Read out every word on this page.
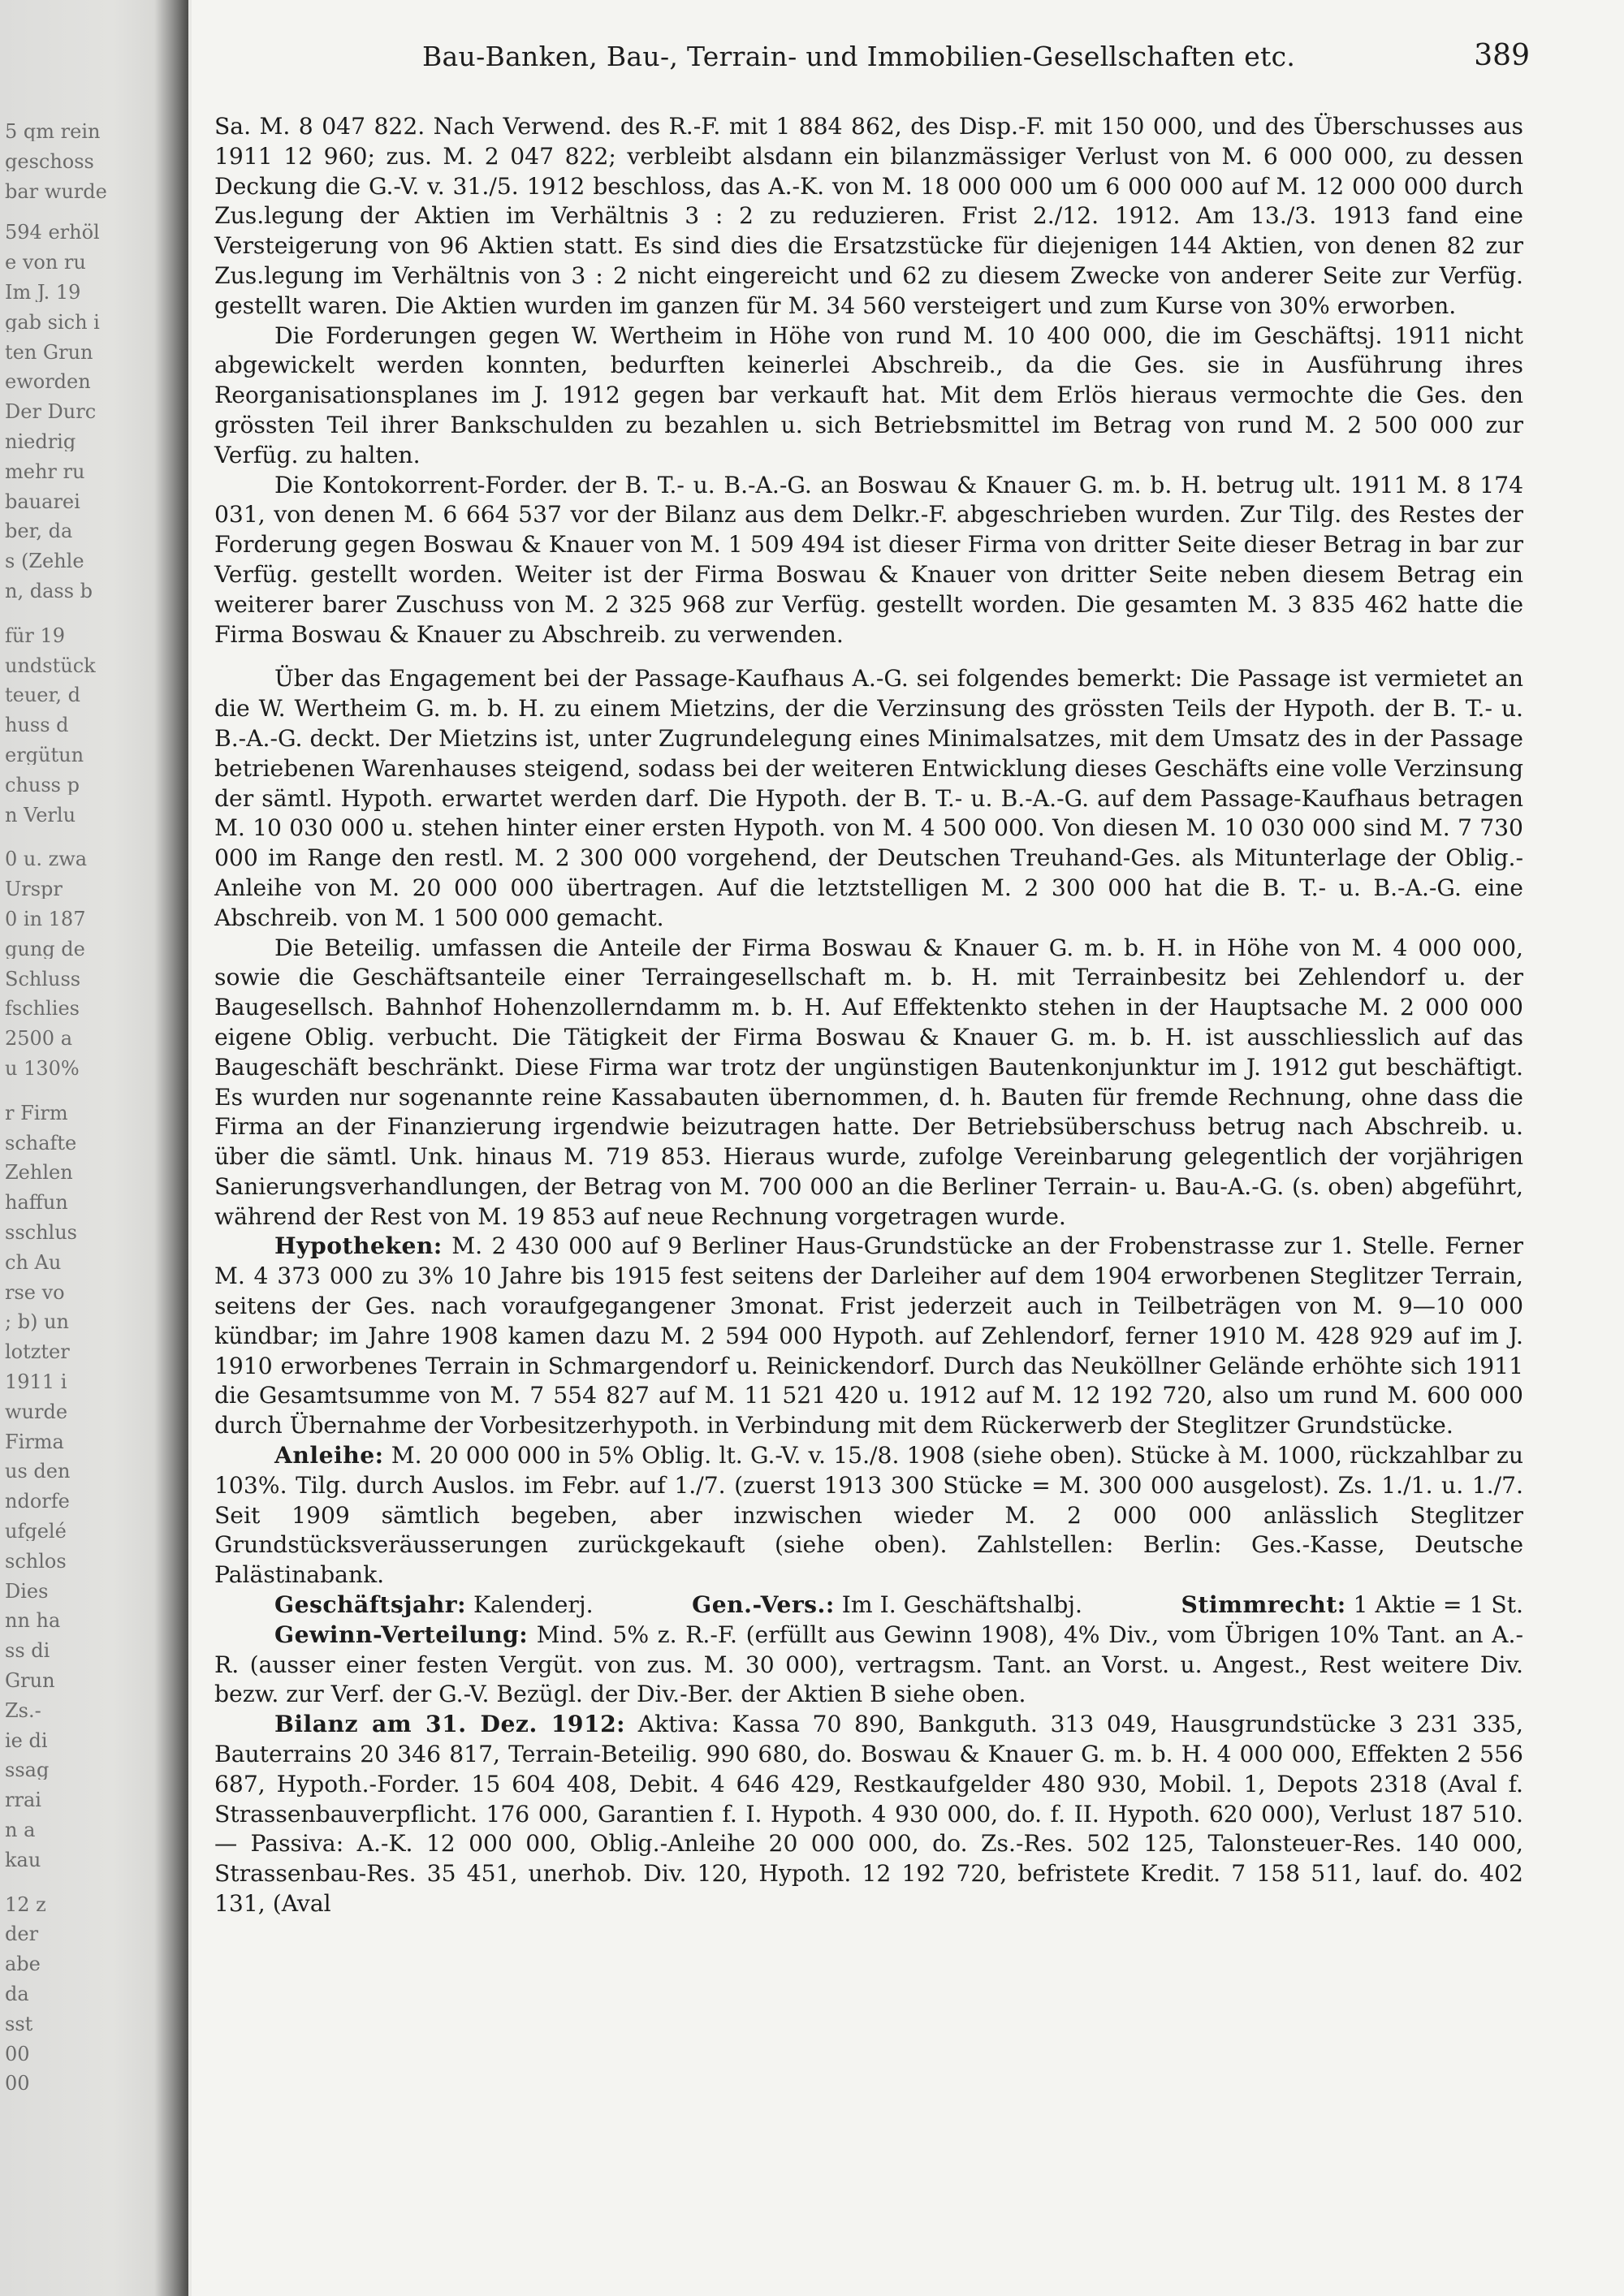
5 qm rein
geschoss
bar wurde
594 erhöl
e von ru
Im J. 19
gab sich i
ten Grun
eworden
Der Durc
niedrig
mehr ru
bauarei
ber, da
s (Zehle
n, dass b
für 19
undstück
teuer, d
huss d
ergütun
chuss p
n Verlu
0 u. zwa
Urspr
0 in 187
gung de
Schluss
fschlies
2500 a
u 130%
r Firm
schafte
Zehlen
haffun
sschlus
ch Au
rse vo
; b) un
lotzter
1911 i
wurde
Firma
us den
ndorfe
ufgelé
schlos
Dies
nn ha
ss di
Grun
Zs.-
ie di
ssag
rrai
n a
kau
12 z
der
abe
da
sst
00
00
Bau-Banken, Bau-, Terrain- und Immobilien-Gesellschaften etc.	389

Sa. M. 8 047 822. Nach Verwend. des R.-F. mit 1 884 862, des Disp.-F. mit 150 000, und des Überschusses aus 1911 12 960; zus. M. 2 047 822; verbleibt alsdann ein bilanzmässiger Verlust von M. 6 000 000, zu dessen Deckung die G.-V. v. 31./5. 1912 beschloss, das A.-K. von M. 18 000 000 um 6 000 000 auf M. 12 000 000 durch Zus.legung der Aktien im Verhältnis 3 : 2 zu reduzieren. Frist 2./12. 1912. Am 13./3. 1913 fand eine Versteigerung von 96 Aktien statt. Es sind dies die Ersatzstücke für diejenigen 144 Aktien, von denen 82 zur Zus.legung im Verhältnis von 3 : 2 nicht eingereicht und 62 zu diesem Zwecke von anderer Seite zur Verfüg. gestellt waren. Die Aktien wurden im ganzen für M. 34 560 versteigert und zum Kurse von 30% erworben.

Die Forderungen gegen W. Wertheim in Höhe von rund M. 10 400 000, die im Geschäftsj. 1911 nicht abgewickelt werden konnten, bedurften keinerlei Abschreib., da die Ges. sie in Ausführung ihres Reorganisationsplanes im J. 1912 gegen bar verkauft hat. Mit dem Erlös hieraus vermochte die Ges. den grössten Teil ihrer Bankschulden zu bezahlen u. sich Betriebsmittel im Betrag von rund M. 2 500 000 zur Verfüg. zu halten.

Die Kontokorrent-Forder. der B. T.- u. B.-A.-G. an Boswau & Knauer G. m. b. H. betrug ult. 1911 M. 8 174 031, von denen M. 6 664 537 vor der Bilanz aus dem Delkr.-F. abgeschrieben wurden. Zur Tilg. des Restes der Forderung gegen Boswau & Knauer von M. 1 509 494 ist dieser Firma von dritter Seite dieser Betrag in bar zur Verfüg. gestellt worden. Weiter ist der Firma Boswau & Knauer von dritter Seite neben diesem Betrag ein weiterer barer Zuschuss von M. 2 325 968 zur Verfüg. gestellt worden. Die gesamten M. 3 835 462 hatte die Firma Boswau & Knauer zu Abschreib. zu verwenden.

Über das Engagement bei der Passage-Kaufhaus A.-G. sei folgendes bemerkt: Die Passage ist vermietet an die W. Wertheim G. m. b. H. zu einem Mietzins, der die Verzinsung des grössten Teils der Hypoth. der B. T.- u. B.-A.-G. deckt. Der Mietzins ist, unter Zugrundelegung eines Minimalsatzes, mit dem Umsatz des in der Passage betriebenen Warenhauses steigend, sodass bei der weiteren Entwicklung dieses Geschäfts eine volle Verzinsung der sämtl. Hypoth. erwartet werden darf. Die Hypoth. der B. T.- u. B.-A.-G. auf dem Passage-Kaufhaus betragen M. 10 030 000 u. stehen hinter einer ersten Hypoth. von M. 4 500 000. Von diesen M. 10 030 000 sind M. 7 730 000 im Range den restl. M. 2 300 000 vorgehend, der Deutschen Treuhand-Ges. als Mitunterlage der Oblig.-Anleihe von M. 20 000 000 übertragen. Auf die letztstelligen M. 2 300 000 hat die B. T.- u. B.-A.-G. eine Abschreib. von M. 1 500 000 gemacht.

Die Beteilig. umfassen die Anteile der Firma Boswau & Knauer G. m. b. H. in Höhe von M. 4 000 000, sowie die Geschäftsanteile einer Terraingesellschaft m. b. H. mit Terrainbesitz bei Zehlendorf u. der Baugesellsch. Bahnhof Hohenzollerndamm m. b. H. Auf Effektenkto stehen in der Hauptsache M. 2 000 000 eigene Oblig. verbucht. Die Tätigkeit der Firma Boswau & Knauer G. m. b. H. ist ausschliesslich auf das Baugeschäft beschränkt. Diese Firma war trotz der ungünstigen Bautenkonjunktur im J. 1912 gut beschäftigt. Es wurden nur sogenannte reine Kassabauten übernommen, d. h. Bauten für fremde Rechnung, ohne dass die Firma an der Finanzierung irgendwie beizutragen hatte. Der Betriebsüberschuss betrug nach Abschreib. u. über die sämtl. Unk. hinaus M. 719 853. Hieraus wurde, zufolge Vereinbarung gelegentlich der vorjährigen Sanierungsverhandlungen, der Betrag von M. 700 000 an die Berliner Terrain- u. Bau-A.-G. (s. oben) abgeführt, während der Rest von M. 19 853 auf neue Rechnung vorgetragen wurde.

Hypotheken: M. 2 430 000 auf 9 Berliner Haus-Grundstücke an der Frobenstrasse zur 1. Stelle. Ferner M. 4 373 000 zu 3% 10 Jahre bis 1915 fest seitens der Darleiher auf dem 1904 erworbenen Steglitzer Terrain, seitens der Ges. nach voraufgegangener 3monat. Frist jederzeit auch in Teilbeträgen von M. 9—10 000 kündbar; im Jahre 1908 kamen dazu M. 2 594 000 Hypoth. auf Zehlendorf, ferner 1910 M. 428 929 auf im J. 1910 erworbenes Terrain in Schmargendorf u. Reinickendorf. Durch das Neuköllner Gelände erhöhte sich 1911 die Gesamtsumme von M. 7 554 827 auf M. 11 521 420 u. 1912 auf M. 12 192 720, also um rund M. 600 000 durch Übernahme der Vorbesitzerhypoth. in Verbindung mit dem Rückerwerb der Steglitzer Grundstücke.

Anleihe: M. 20 000 000 in 5% Oblig. lt. G.-V. v. 15./8. 1908 (siehe oben). Stücke à M. 1000, rückzahlbar zu 103%. Tilg. durch Auslos. im Febr. auf 1./7. (zuerst 1913 300 Stücke = M. 300 000 ausgelost). Zs. 1./1. u. 1./7. Seit 1909 sämtlich begeben, aber inzwischen wieder M. 2 000 000 anlässlich Steglitzer Grundstücksveräusserungen zurückgekauft (siehe oben). Zahlstellen: Berlin: Ges.-Kasse, Deutsche Palästinabank.

Geschäftsjahr: Kalenderj.	Gen.-Vers.: Im I. Geschäftshalbj.	Stimmrecht: 1 Aktie = 1 St.

Gewinn-Verteilung: Mind. 5% z. R.-F. (erfüllt aus Gewinn 1908), 4% Div., vom Übrigen 10% Tant. an A.-R. (ausser einer festen Vergüt. von zus. M. 30 000), vertragsm. Tant. an Vorst. u. Angest., Rest weitere Div. bezw. zur Verf. der G.-V. Bezügl. der Div.-Ber. der Aktien B siehe oben.

Bilanz am 31. Dez. 1912: Aktiva: Kassa 70 890, Bankguth. 313 049, Hausgrundstücke 3 231 335, Bauterrains 20 346 817, Terrain-Beteilig. 990 680, do. Boswau & Knauer G. m. b. H. 4 000 000, Effekten 2 556 687, Hypoth.-Forder. 15 604 408, Debit. 4 646 429, Restkaufgelder 480 930, Mobil. 1, Depots 2318 (Aval f. Strassenbauverpflicht. 176 000, Garantien f. I. Hypoth. 4 930 000, do. f. II. Hypoth. 620 000), Verlust 187 510. — Passiva: A.-K. 12 000 000, Oblig.-Anleihe 20 000 000, do. Zs.-Res. 502 125, Talonsteuer-Res. 140 000, Strassenbau-Res. 35 451, unerhob. Div. 120, Hypoth. 12 192 720, befristete Kredit. 7 158 511, lauf. do. 402 131, (Aval
